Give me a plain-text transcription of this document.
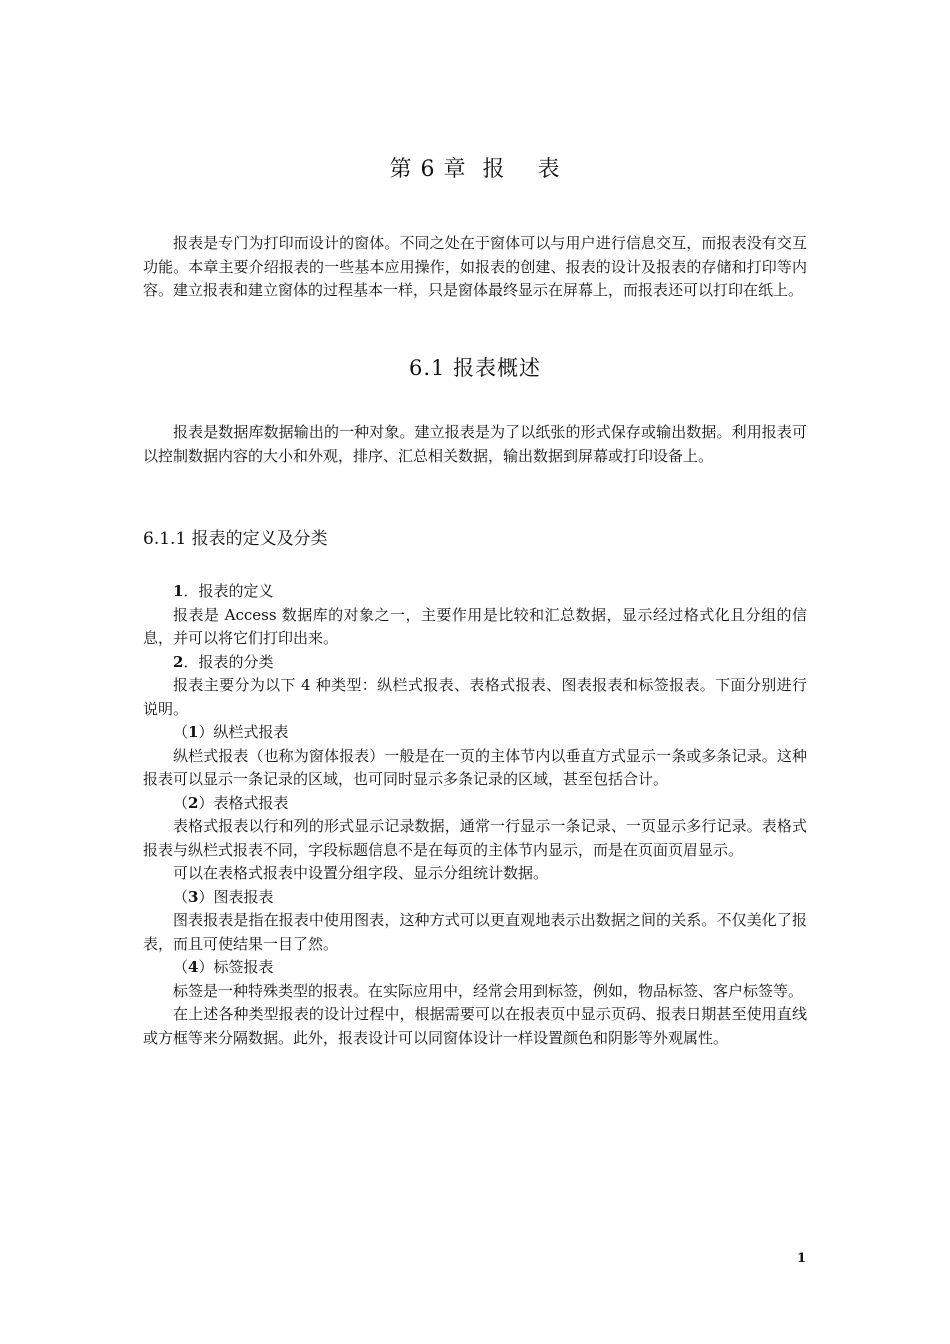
第 6 章  报    表

报表是专门为打印而设计的窗体。不同之处在于窗体可以与用户进行信息交互，而报表没有交互功能。本章主要介绍报表的一些基本应用操作，如报表的创建、报表的设计及报表的存储和打印等内容。建立报表和建立窗体的过程基本一样，只是窗体最终显示在屏幕上，而报表还可以打印在纸上。

6.1 报表概述

报表是数据库数据输出的一种对象。建立报表是为了以纸张的形式保存或输出数据。利用报表可以控制数据内容的大小和外观，排序、汇总相关数据，输出数据到屏幕或打印设备上。

6.1.1 报表的定义及分类

1．报表的定义

报表是 Access 数据库的对象之一，主要作用是比较和汇总数据，显示经过格式化且分组的信息，并可以将它们打印出来。

2．报表的分类

报表主要分为以下 4 种类型：纵栏式报表、表格式报表、图表报表和标签报表。下面分别进行说明。

（1）纵栏式报表

纵栏式报表（也称为窗体报表）一般是在一页的主体节内以垂直方式显示一条或多条记录。这种报表可以显示一条记录的区域，也可同时显示多条记录的区域，甚至包括合计。

（2）表格式报表

表格式报表以行和列的形式显示记录数据，通常一行显示一条记录、一页显示多行记录。表格式报表与纵栏式报表不同，字段标题信息不是在每页的主体节内显示，而是在页面页眉显示。

可以在表格式报表中设置分组字段、显示分组统计数据。

（3）图表报表

图表报表是指在报表中使用图表，这种方式可以更直观地表示出数据之间的关系。不仅美化了报表，而且可使结果一目了然。

（4）标签报表

标签是一种特殊类型的报表。在实际应用中，经常会用到标签，例如，物品标签、客户标签等。

在上述各种类型报表的设计过程中，根据需要可以在报表页中显示页码、报表日期甚至使用直线或方框等来分隔数据。此外，报表设计可以同窗体设计一样设置颜色和阴影等外观属性。

1
